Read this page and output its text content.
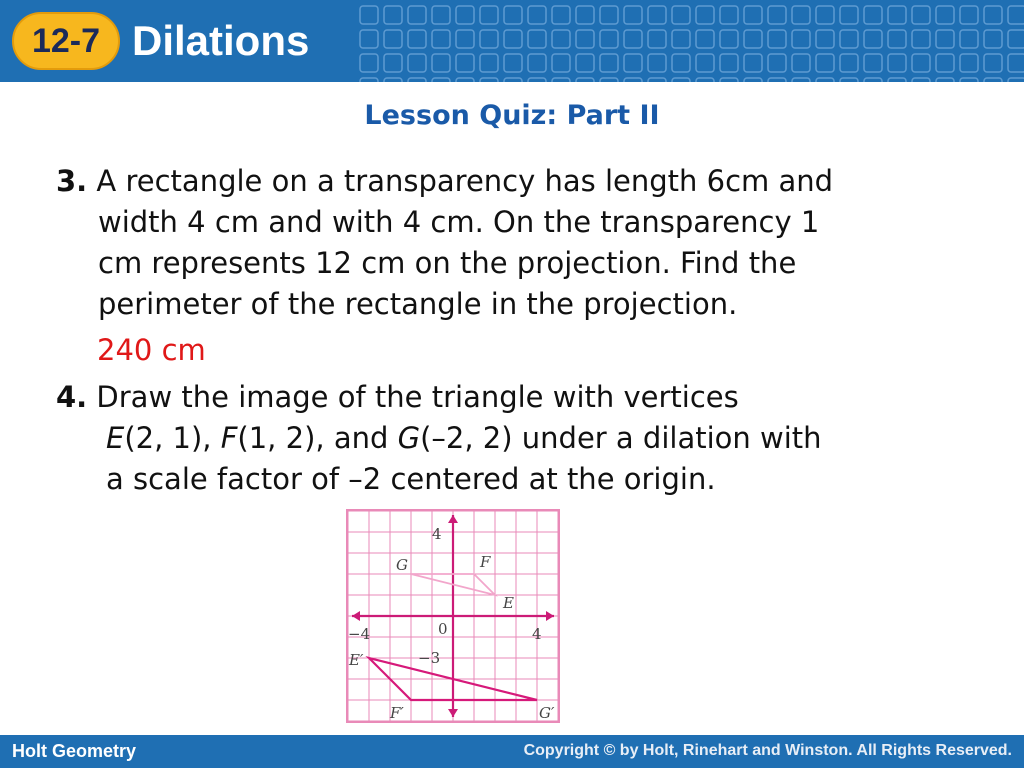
12-7 Dilations
Lesson Quiz: Part II
3. A rectangle on a transparency has length 6cm and
width 4 cm and with 4 cm. On the transparency 1
cm represents 12 cm on the projection. Find the
perimeter of the rectangle in the projection.
240 cm
4. Draw the image of the triangle with vertices
E(2, 1), F(1, 2), and G(–2, 2) under a dilation with
a scale factor of –2 centered at the origin.
4
−4	0	4
−3
G	F
E
E′
F′	G′
Holt Geometry	Copyright © by Holt, Rinehart and Winston. All Rights Reserved.
